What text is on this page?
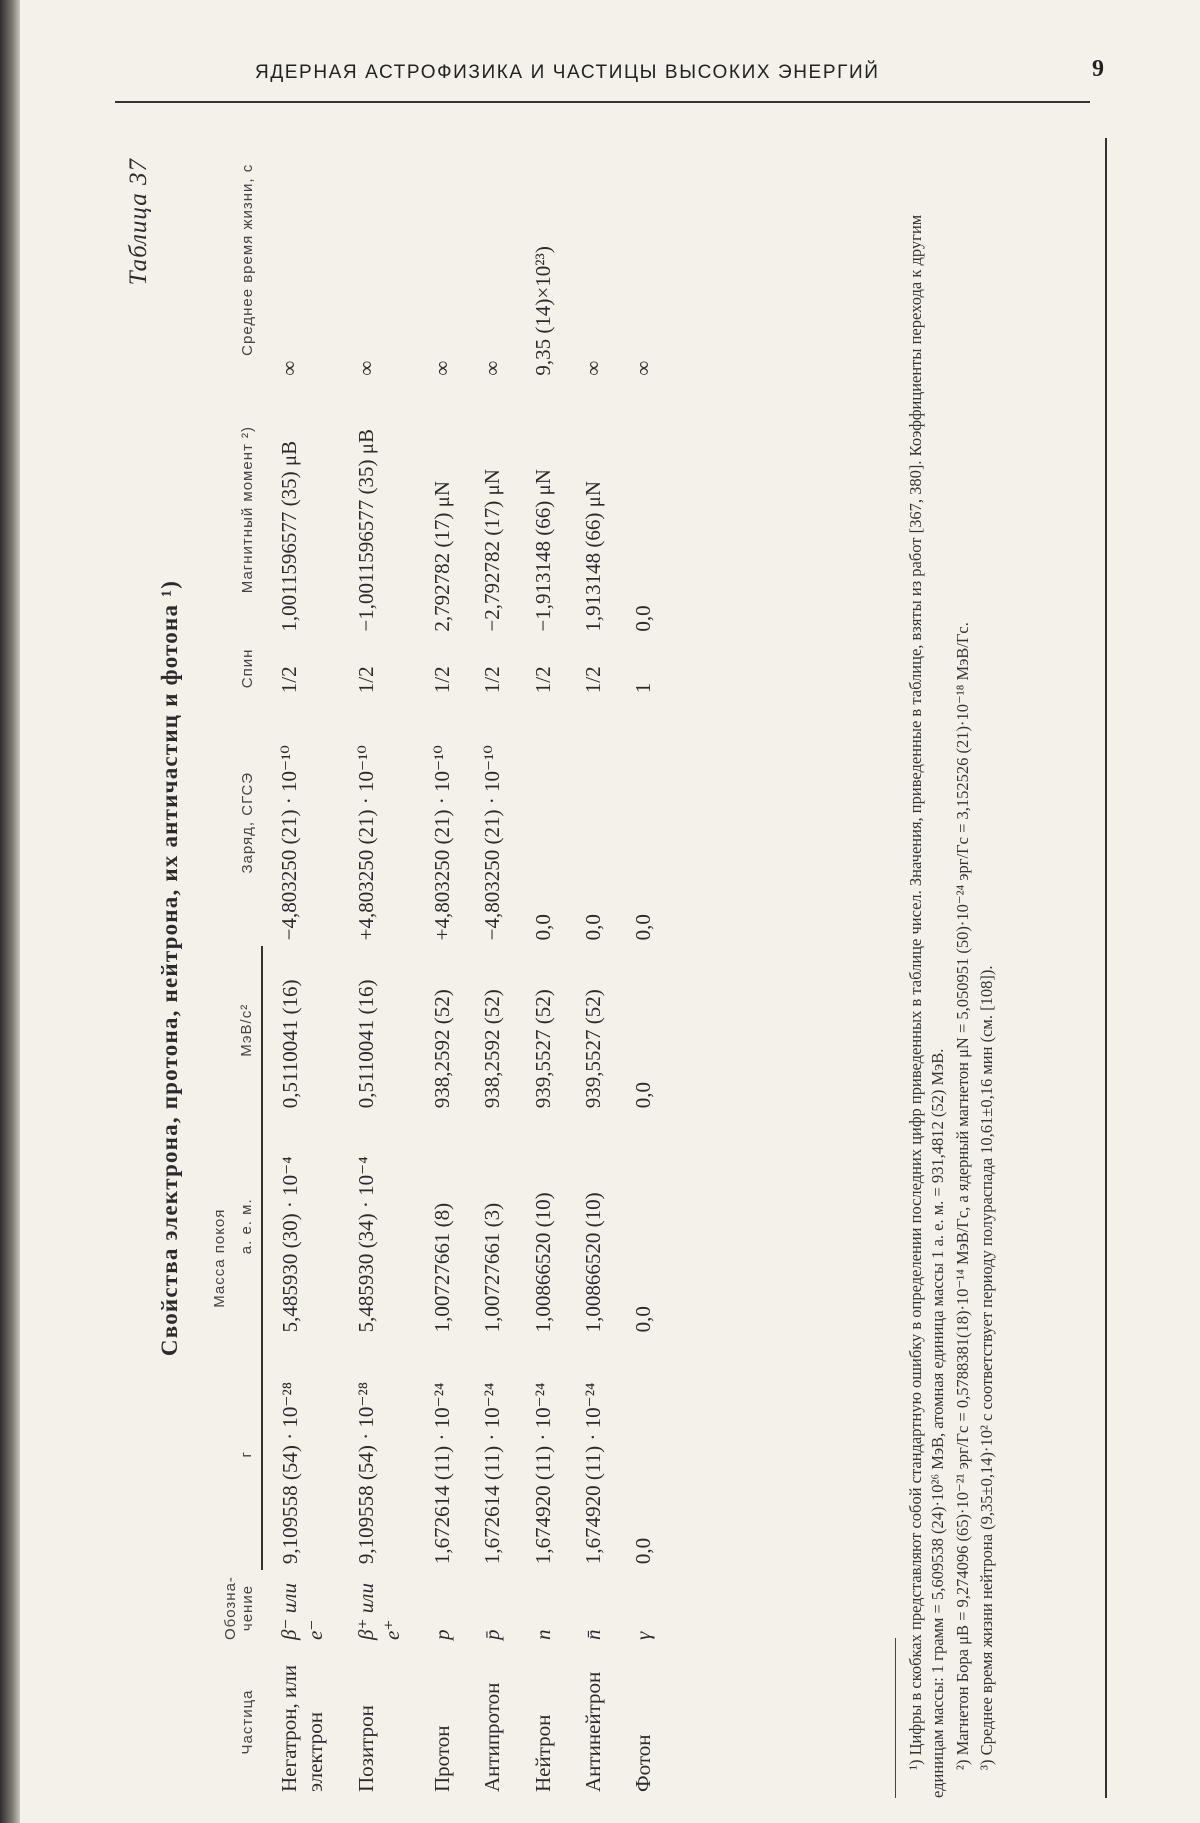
ЯДЕРНАЯ АСТРОФИЗИКА И ЧАСТИЦЫ ВЫСОКИХ ЭНЕРГИЙ	9
Таблица 37
Свойства электрона, протона, нейтрона, их античастиц и фотона ¹)
Частица	Обозна-чение	Масса покоя			Заряд, СГСЭ	Спин	Магнитный момент ²)	Среднее время жизни, с
		г	а. е. м.	МэВ/c²				
Негатрон, или электрон	β⁻ или e⁻	9,109558 (54) · 10⁻²⁸	5,485930 (30) · 10⁻⁴	0,5110041 (16)	−4,803250 (21) · 10⁻¹⁰	1/2	1,0011596577 (35) μB	∞
Позитрон	β⁺ или e⁺	9,109558 (54) · 10⁻²⁸	5,485930 (34) · 10⁻⁴	0,5110041 (16)	+4,803250 (21) · 10⁻¹⁰	1/2	−1,0011596577 (35) μB	∞
Протон	p	1,672614 (11) · 10⁻²⁴	1,00727661 (8)	938,2592 (52)	+4,803250 (21) · 10⁻¹⁰	1/2	2,792782 (17) μN	∞
Антипротон	p̄	1,672614 (11) · 10⁻²⁴	1,00727661 (3)	938,2592 (52)	−4,803250 (21) · 10⁻¹⁰	1/2	−2,792782 (17) μN	∞
Нейтрон	n	1,674920 (11) · 10⁻²⁴	1,00866520 (10)	939,5527 (52)	0,0	1/2	−1,913148 (66) μN	9,35 (14)×10²³)
Антинейтрон	n̄	1,674920 (11) · 10⁻²⁴	1,00866520 (10)	939,5527 (52)	0,0	1/2	1,913148 (66) μN	∞
Фотон	γ	0,0	0,0	0,0	0,0	1	0,0	∞	¹) Цифры в скобках представляют собой стандартную ошибку в определении последних цифр приведенных в таблице чисел. Значения, приведенные в таблице, взяты из работ [367, 380]. Коэффициенты перехода к другим единицам массы: 1 грамм = 5,609538 (24)·10²⁶ МэВ, атомная единица массы 1 а. е. м. = 931,4812 (52) МэВ. ²) Магнетон Бора μB = 9,274096 (65)·10⁻²¹ эрг/Гс = 0,5788381(18)·10⁻¹⁴ МэВ/Гс, а ядерный магнетон μN = 5,050951 (50)·10⁻²⁴ эрг/Гс = 3,152526 (21)·10⁻¹⁸ МэВ/Гс. ³) Среднее время жизни нейтрона (9,35±0,14)·10² с соответствует периоду полураспада 10,61±0,16 мин (см. [108]).
